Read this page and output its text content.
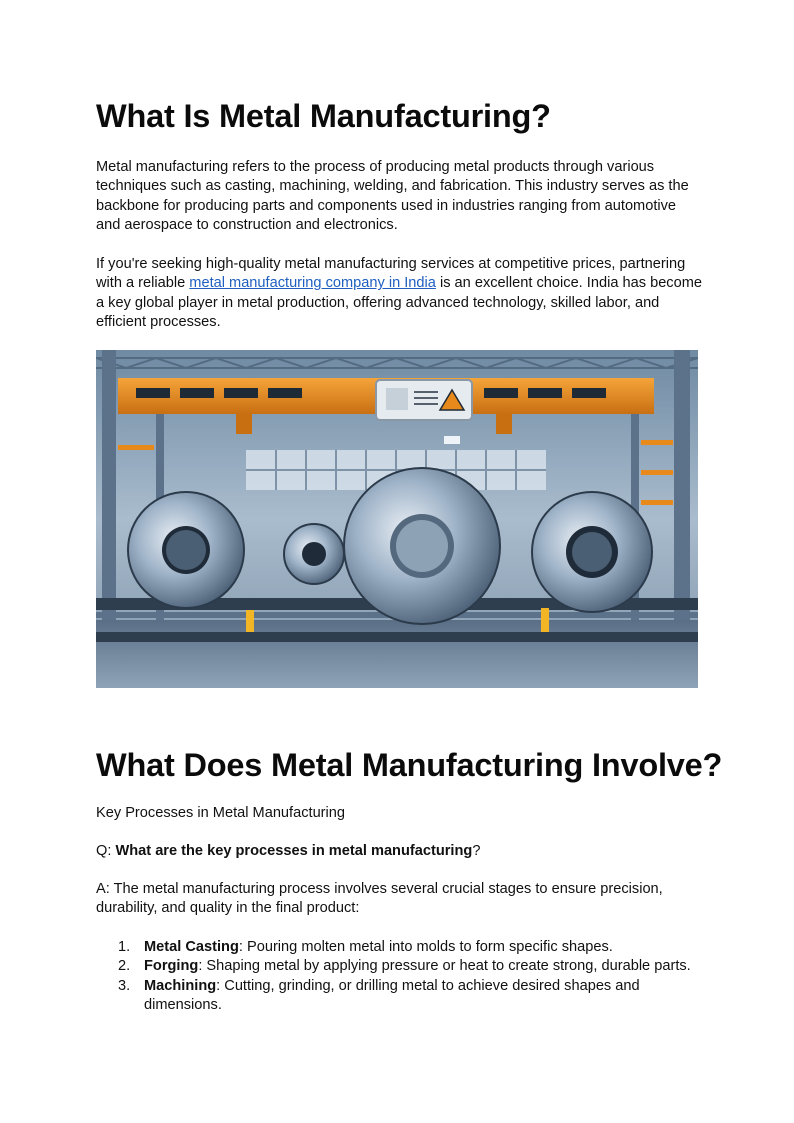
What Is Metal Manufacturing?

Metal manufacturing refers to the process of producing metal products through various techniques such as casting, machining, welding, and fabrication. This industry serves as the backbone for producing parts and components used in industries ranging from automotive and aerospace to construction and electronics.

If you're seeking high-quality metal manufacturing services at competitive prices, partnering with a reliable metal manufacturing company in India is an excellent choice. India has become a key global player in metal production, offering advanced technology, skilled labor, and efficient processes.

What Does Metal Manufacturing Involve?

Key Processes in Metal Manufacturing

Q: What are the key processes in metal manufacturing?

A: The metal manufacturing process involves several crucial stages to ensure precision, durability, and quality in the final product:

1. Metal Casting: Pouring molten metal into molds to form specific shapes.
2. Forging: Shaping metal by applying pressure or heat to create strong, durable parts.
3. Machining: Cutting, grinding, or drilling metal to achieve desired shapes and dimensions.
